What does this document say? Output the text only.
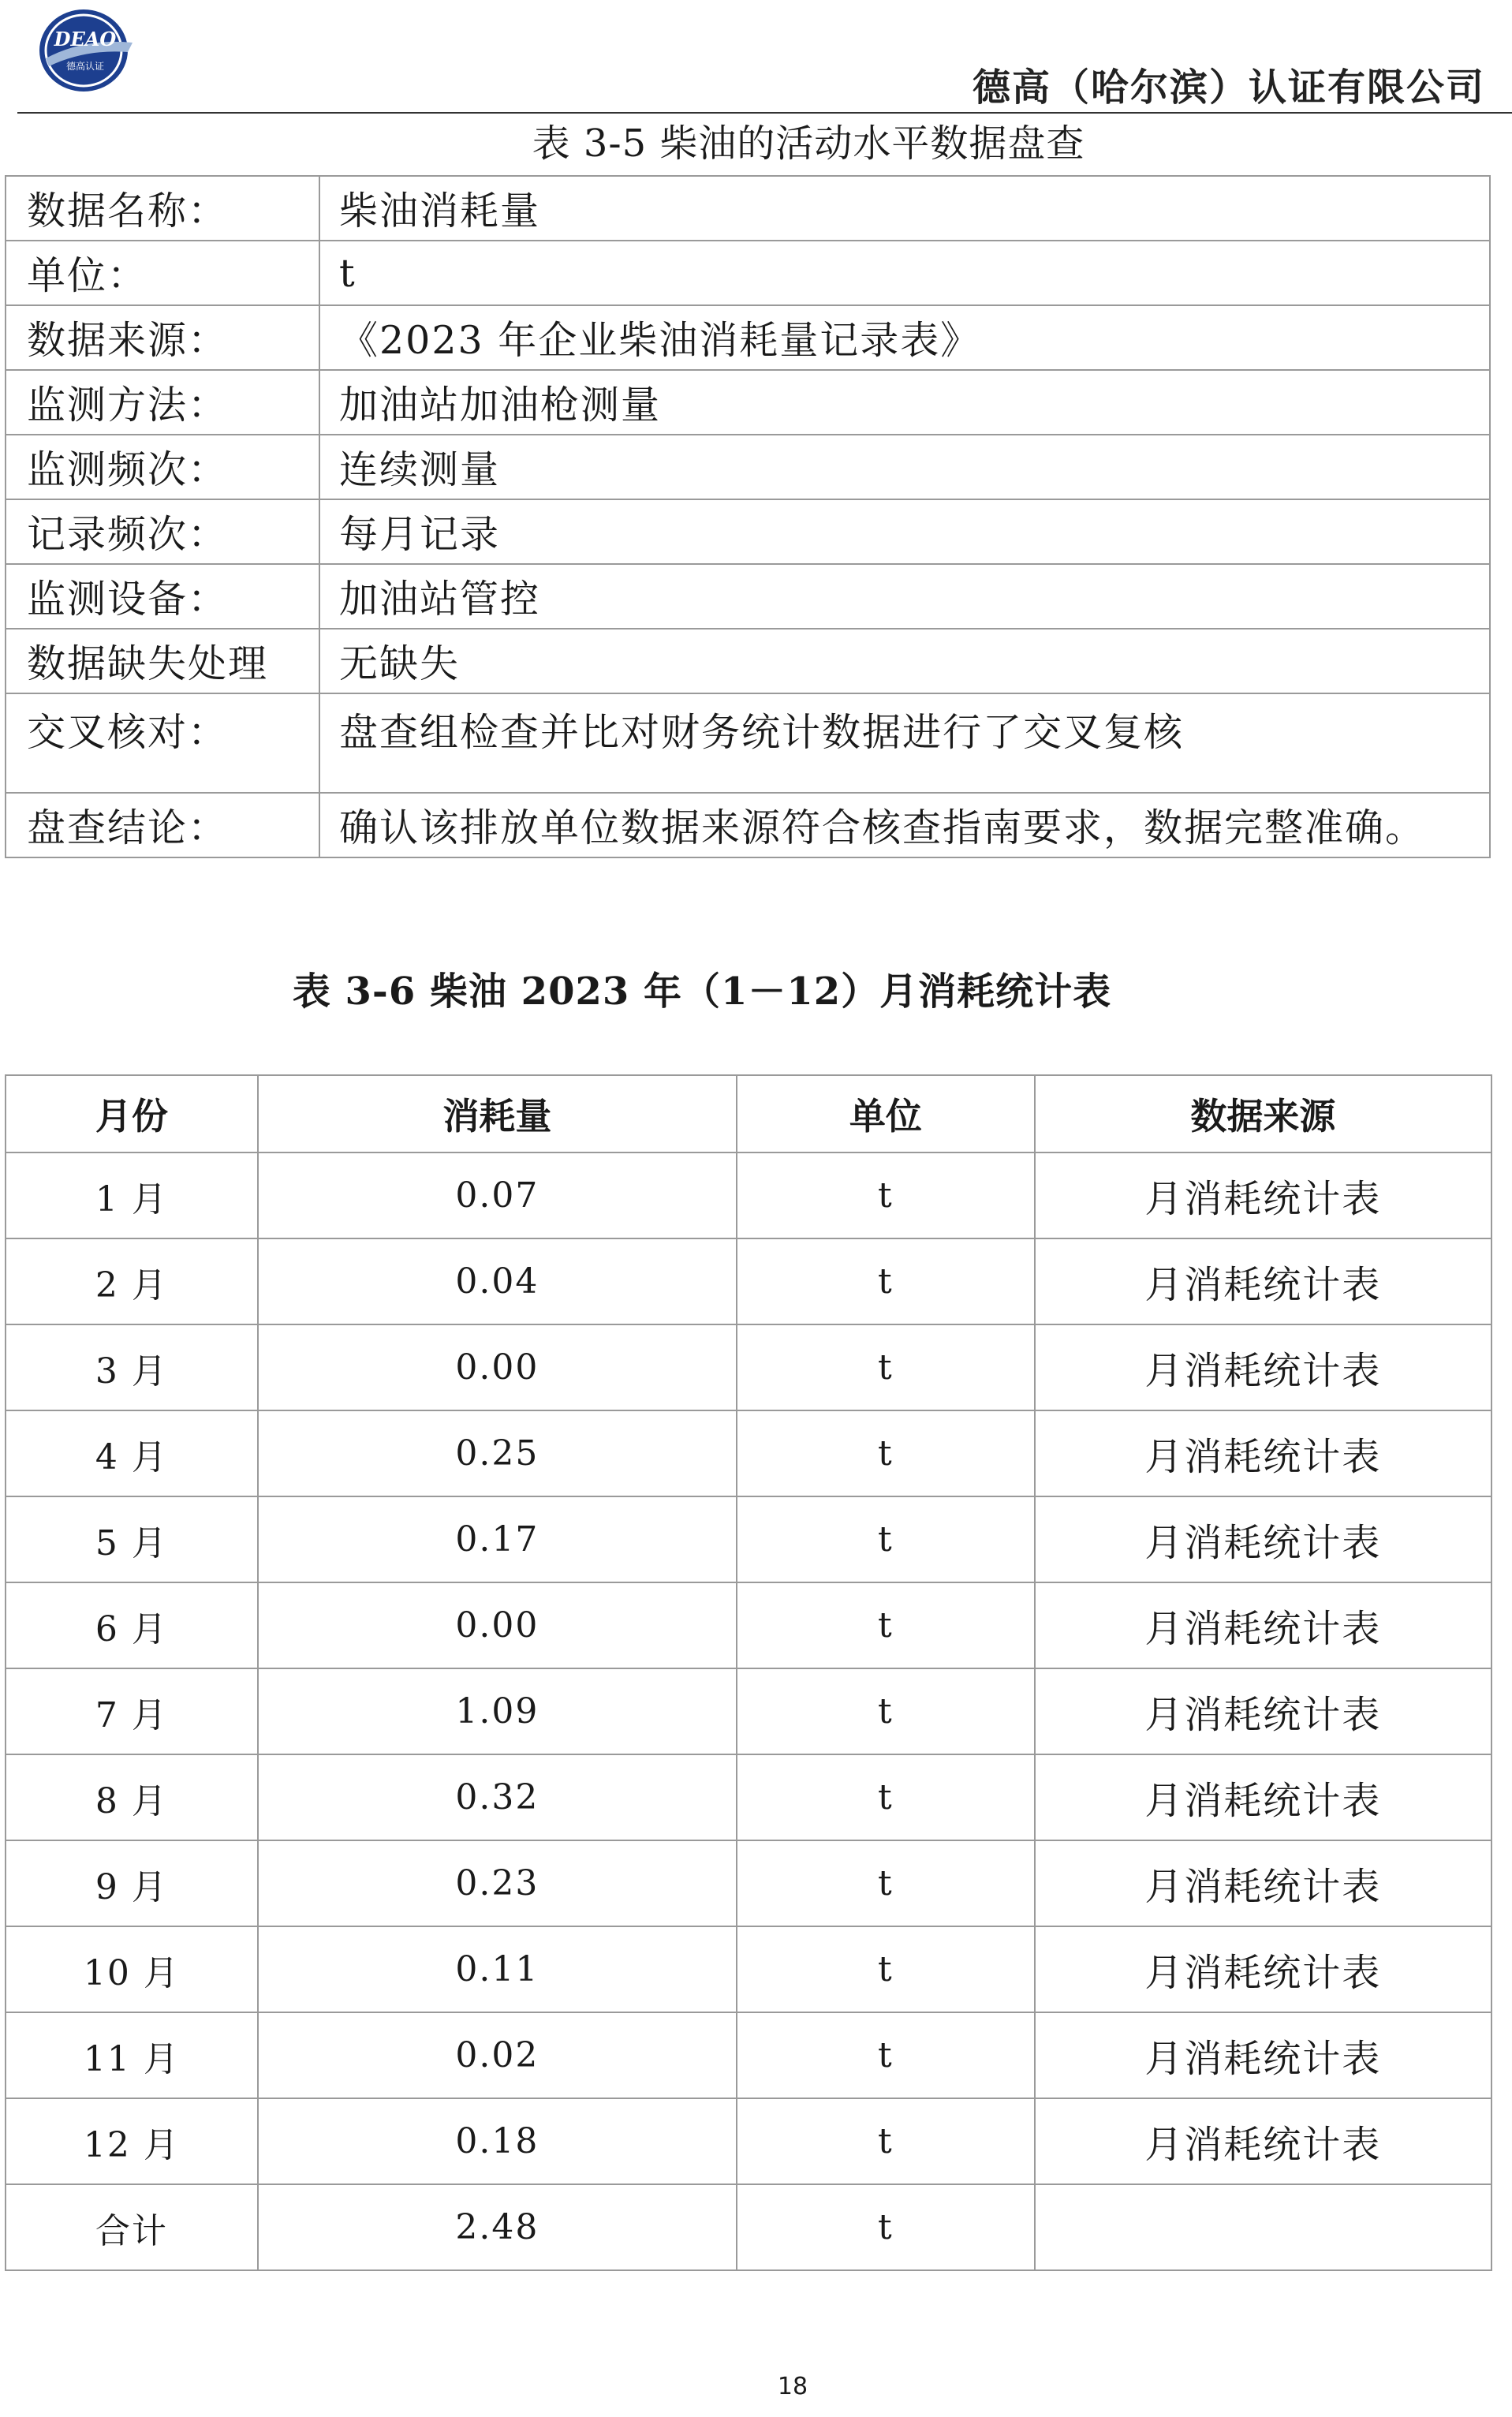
DEAO
德高认证	德高（哈尔滨）认证有限公司
表 3-5 柴油的活动水平数据盘查
数据名称：	柴油消耗量
单位：	t
数据来源：	《2023 年企业柴油消耗量记录表》
监测方法：	加油站加油枪测量
监测频次：	连续测量
记录频次：	每月记录
监测设备：	加油站管控
数据缺失处理	无缺失
交叉核对：	盘查组检查并比对财务统计数据进行了交叉复核
盘查结论：	确认该排放单位数据来源符合核查指南要求，数据完整准确。
表 3-6 柴油 2023 年（1－12）月消耗统计表
月份	消耗量	单位	数据来源
1 月	0.07	t	月消耗统计表
2 月	0.04	t	月消耗统计表
3 月	0.00	t	月消耗统计表
4 月	0.25	t	月消耗统计表
5 月	0.17	t	月消耗统计表
6 月	0.00	t	月消耗统计表
7 月	1.09	t	月消耗统计表
8 月	0.32	t	月消耗统计表
9 月	0.23	t	月消耗统计表
10 月	0.11	t	月消耗统计表
11 月	0.02	t	月消耗统计表
12 月	0.18	t	月消耗统计表
合计	2.48	t	
18
